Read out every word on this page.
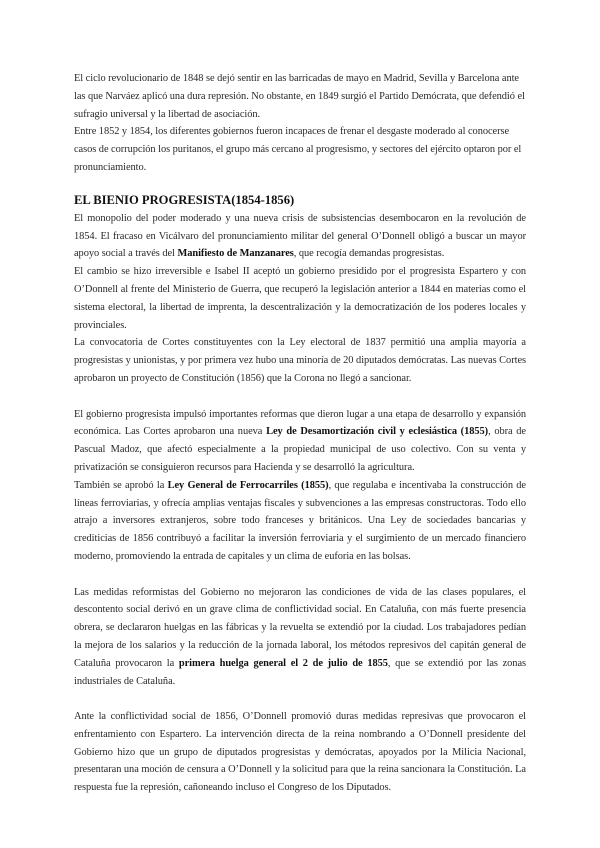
El ciclo revolucionario de 1848 se dejó sentir en las barricadas de mayo en Madrid, Sevilla y Barcelona ante las que Narváez aplicó una dura represión. No obstante, en 1849 surgió el Partido Demócrata, que defendió el sufragio universal y la libertad de asociación.

Entre 1852 y 1854, los diferentes gobiernos fueron incapaces de frenar el desgaste moderado al conocerse casos de corrupción los puritanos, el grupo más cercano al progresismo, y sectores del ejército optaron por el pronunciamiento.

EL BIENIO PROGRESISTA(1854-1856)

El monopolio del poder moderado y una nueva crisis de subsistencias desembocaron en la revolución de 1854. El fracaso en Vicálvaro del pronunciamiento militar del general O’Donnell obligó a buscar un mayor apoyo social a través del Manifiesto de Manzanares, que recogía demandas progresistas.

El cambio se hizo irreversible e Isabel II aceptó un gobierno presidido por el progresista Espartero y con O’Donnell al frente del Ministerio de Guerra, que recuperó la legislación anterior a 1844 en materias como el sistema electoral, la libertad de imprenta, la descentralización y la democratización de los poderes locales y provinciales.

La convocatoria de Cortes constituyentes con la Ley electoral de 1837 permitió una amplia mayoría a progresistas y unionistas, y por primera vez hubo una minoría de 20 diputados demócratas. Las nuevas Cortes aprobaron un proyecto de Constitución (1856) que la Corona no llegó a sancionar.

El gobierno progresista impulsó importantes reformas que dieron lugar a una etapa de desarrollo y expansión económica. Las Cortes aprobaron una nueva Ley de Desamortización civil y eclesiástica (1855), obra de Pascual Madoz, que afectó especialmente a la propiedad municipal de uso colectivo. Con su venta y privatización se consiguieron recursos para Hacienda y se desarrolló la agricultura.

También se aprobó la Ley General de Ferrocarriles (1855), que regulaba e incentivaba la construcción de líneas ferroviarias, y ofrecía amplias ventajas fiscales y subvenciones a las empresas constructoras. Todo ello atrajo a inversores extranjeros, sobre todo franceses y británicos. Una Ley de sociedades bancarias y crediticias de 1856 contribuyó a facilitar la inversión ferroviaria y el surgimiento de un mercado financiero moderno, promoviendo la entrada de capitales y un clima de euforia en las bolsas.

Las medidas reformistas del Gobierno no mejoraron las condiciones de vida de las clases populares, el descontento social derivó en un grave clima de conflictividad social. En Cataluña, con más fuerte presencia obrera, se declararon huelgas en las fábricas y la revuelta se extendió por la ciudad. Los trabajadores pedían la mejora de los salarios y la reducción de la jornada laboral, los métodos represivos del capitán general de Cataluña provocaron la primera huelga general el 2 de julio de 1855, que se extendió por las zonas industriales de Cataluña.

Ante la conflictividad social de 1856, O’Donnell promovió duras medidas represivas que provocaron el enfrentamiento con Espartero. La intervención directa de la reina nombrando a O’Donnell presidente del Gobierno hizo que un grupo de diputados progresistas y demócratas, apoyados por la Milicia Nacional, presentaran una moción de censura a O’Donnell y la solicitud para que la reina sancionara la Constitución. La respuesta fue la represión, cañoneando incluso el Congreso de los Diputados.
